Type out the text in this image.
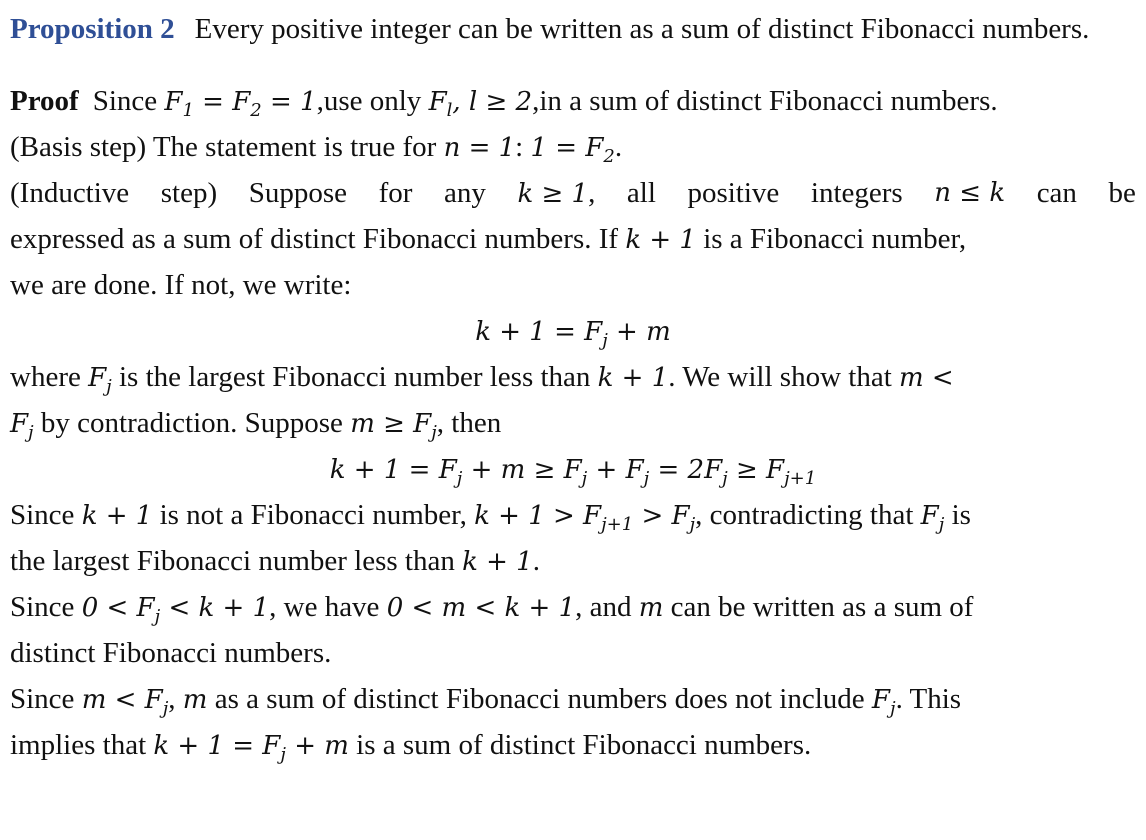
Proposition 2 Every positive integer can be written as a sum of distinct Fibonacci numbers.
Proof Since $F_1 = F_2 = 1,use$ only $F_l$, l ≥ 2,in a sum of distinct Fibonacci numbers.
(Basis step) The statement is true for n = 1: $1 = F_2$.
(Inductive step) Suppose for any k ≥ 1, all positive integers n ≤ k can be
expressed as a sum of distinct Fibonacci numbers. If k + 1 is a Fibonacci number,
we are done. If not, we write:
$k + 1 = F_j + m$
where $F_j$ is the largest Fibonacci number less than k + 1. We will show that m <
$F_j$ by contradiction. Suppose $m \ge F_j$, then
$k + 1 = F_j + m \ge F_j + F_j = 2F_j \ge F_{j+1}$
Since k + 1 is not a Fibonacci number, $k + 1 > F_{j+1} > F_j$, contradicting that $F_j$ is
the largest Fibonacci number less than k + 1.
Since $0 < F_j < k + 1$, we have 0 < m < k + 1, and m can be written as a sum of
distinct Fibonacci numbers.
Since $m < F_j$, m as a sum of distinct Fibonacci numbers does not include $F_j$. This
implies that $k + 1 = F_j + m$ is a sum of distinct Fibonacci numbers.
